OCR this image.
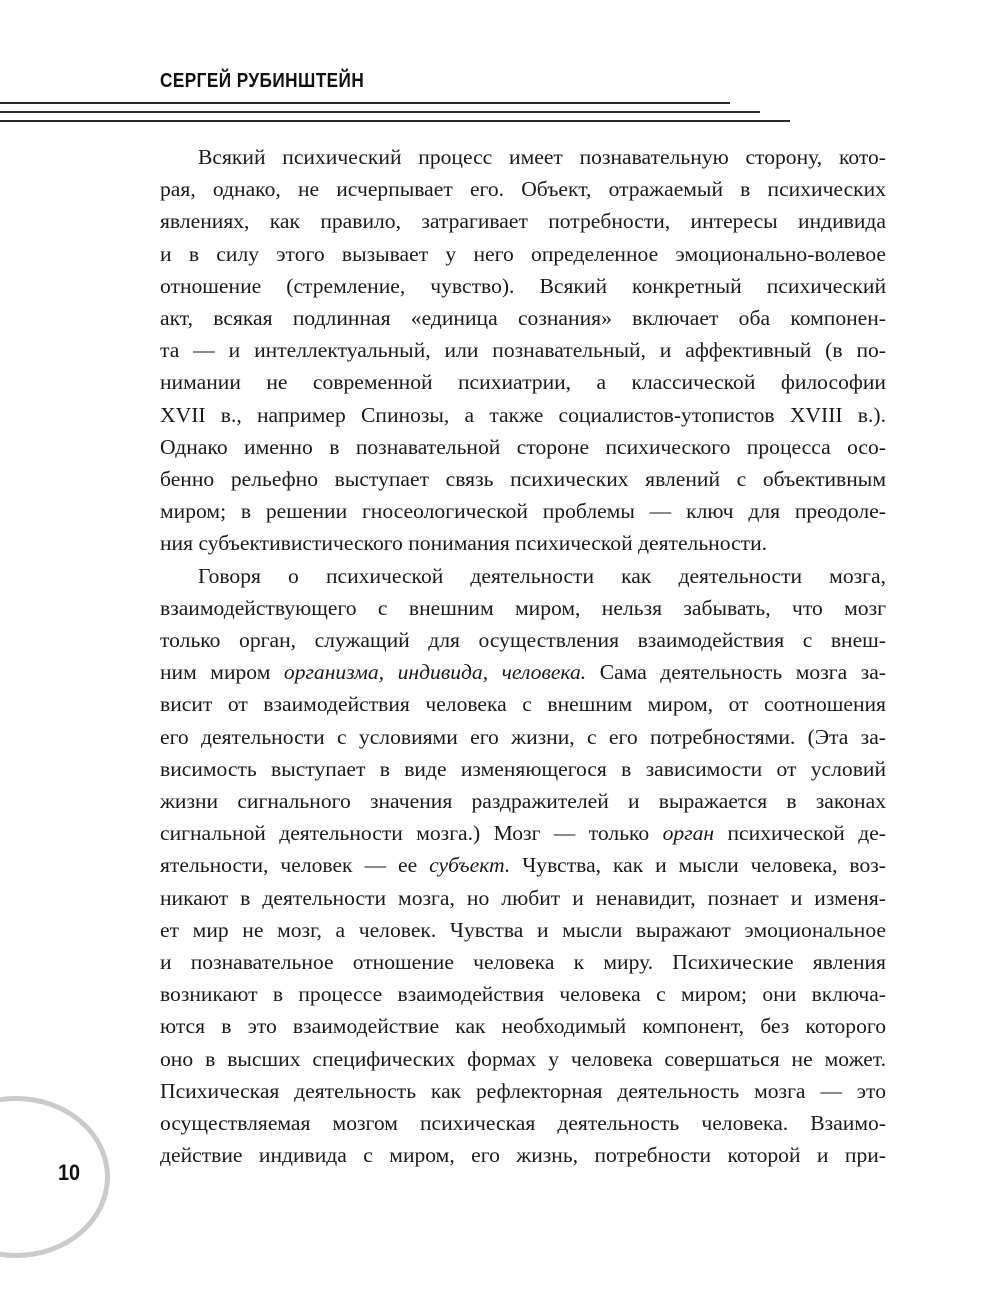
СЕРГЕЙ РУБИНШТЕЙН
Всякий психический процесс имеет познавательную сторону, кото-
рая, однако, не исчерпывает его. Объект, отражаемый в психических
явлениях, как правило, затрагивает потребности, интересы индивида
и в силу этого вызывает у него определенное эмоционально-волевое
отношение (стремление, чувство). Всякий конкретный психический
акт, всякая подлинная «единица сознания» включает оба компонен-
та — и интеллектуальный, или познавательный, и аффективный (в по-
нимании не современной психиатрии, а классической философии
XVII в., например Спинозы, а также социалистов-утопистов XVIII в.).
Однако именно в познавательной стороне психического процесса осо-
бенно рельефно выступает связь психических явлений с объективным
миром; в решении гносеологической проблемы — ключ для преодоле-
ния субъективистического понимания психической деятельности.
Говоря о психической деятельности как деятельности мозга,
взаимодействующего с внешним миром, нельзя забывать, что мозг
только орган, служащий для осуществления взаимодействия с внеш-
ним миром организма, индивида, человека. Сама деятельность мозга за-
висит от взаимодействия человека с внешним миром, от соотношения
его деятельности с условиями его жизни, с его потребностями. (Эта за-
висимость выступает в виде изменяющегося в зависимости от условий
жизни сигнального значения раздражителей и выражается в законах
сигнальной деятельности мозга.) Мозг — только орган психической де-
ятельности, человек — ее субъект. Чувства, как и мысли человека, воз-
никают в деятельности мозга, но любит и ненавидит, познает и изменя-
ет мир не мозг, а человек. Чувства и мысли выражают эмоциональное
и познавательное отношение человека к миру. Психические явления
возникают в процессе взаимодействия человека с миром; они включа-
ются в это взаимодействие как необходимый компонент, без которого
оно в высших специфических формах у человека совершаться не может.
Психическая деятельность как рефлекторная деятельность мозга — это
осуществляемая мозгом психическая деятельность человека. Взаимо-
действие индивида с миром, его жизнь, потребности которой и при-
10
